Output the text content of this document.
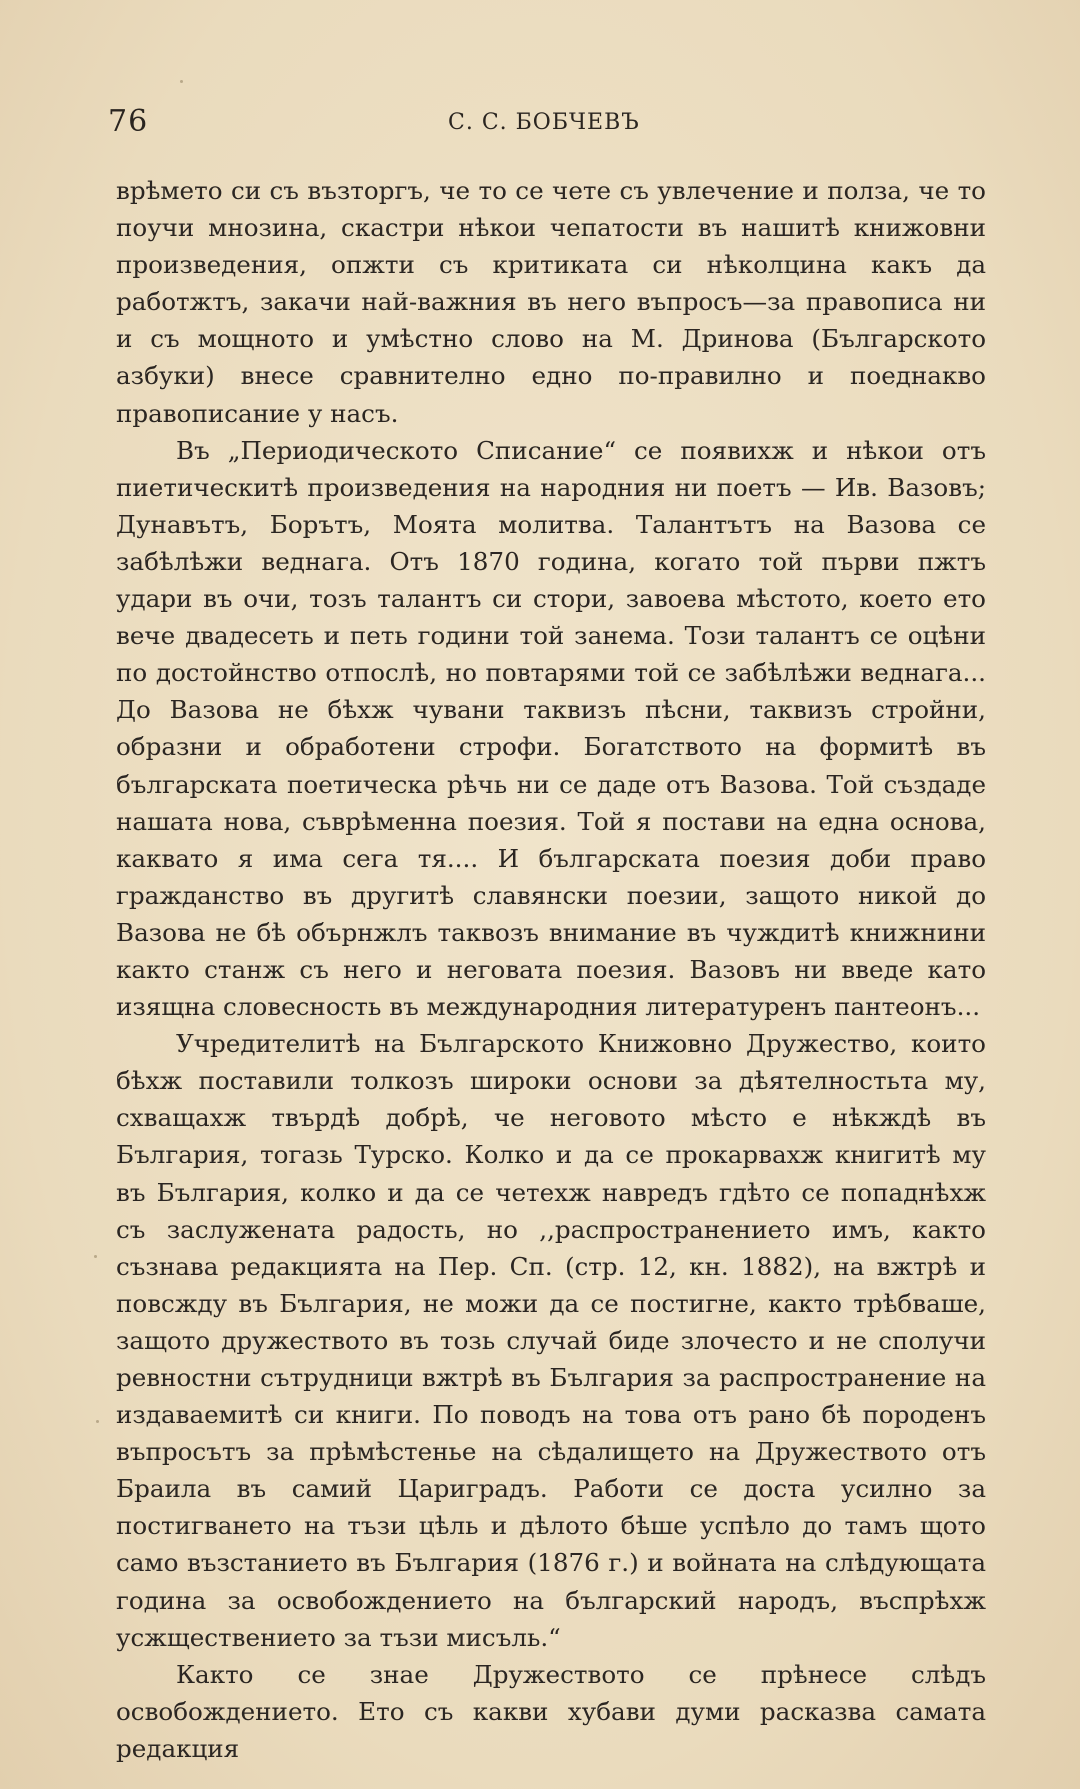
76	С. С. БОБЧЕВЪ

врѣмето си съ възторгъ, че то се чете съ увлечение и полза, че то поучи мнозина, скастри нѣкои чепатости въ нашитѣ книжовни произведения, опжти съ критиката си нѣколцина какъ да работжтъ, закачи най-важния въ него въпросъ—за правописа ни и съ мощното и умѣстно слово на М. Дринова (Българското азбуки) внесе сравнително едно по-правилно и поеднакво правописание у насъ.

Въ „Периодическото Списание“ се появихж и нѣкои отъ пиетическитѣ произведения на народния ни поетъ — Ив. Вазовъ; Дунавътъ, Борътъ, Моята молитва. Талантътъ на Вазова се забѣлѣжи веднага. Отъ 1870 година, когато той първи пжтъ удари въ очи, тозъ талантъ си стори, завоева мѣстото, което ето вече двадесеть и петь години той занема. Този талантъ се оцѣни по достойнство отпослѣ, но повтарями той се забѣлѣжи веднага... До Вазова не бѣхж чувани таквизъ пѣсни, таквизъ стройни, образни и обработени строфи. Богатството на формитѣ въ българската поетическа рѣчь ни се даде отъ Вазова. Той създаде нашата нова, съврѣменна поезия. Той я постави на една основа, каквато я има сега тя.... И българската поезия доби право гражданство въ другитѣ славянски поезии, защото никой до Вазова не бѣ обърнжлъ таквозъ внимание въ чуждитѣ книжнини както станж съ него и неговата поезия. Вазовъ ни введе като изящна словесность въ международния литературенъ пантеонъ...

Учредителитѣ на Българското Книжовно Дружество, които бѣхж поставили толкозъ широки основи за дѣятелностьта му, схващахж твърдѣ добрѣ, че неговото мѣсто е нѣкждѣ въ България, тогазь Турско. Колко и да се прокарвахж книгитѣ му въ България, колко и да се четехж навредъ гдѣто се попаднѣхж съ заслужената радость, но ,,распространението имъ, както съзнава редакцията на Пер. Сп. (стр. 12, кн. 1882), на вжтрѣ и повсжду въ България, не можи да се постигне, както трѣбваше, защото дружеството въ тозь случай биде злочесто и не сполучи ревностни сътрудници вжтрѣ въ България за распространение на издаваемитѣ си книги. По поводъ на това отъ рано бѣ породенъ въпросътъ за прѣмѣстенье на сѣдалището на Дружеството отъ Браила въ самий Цариградъ. Работи се доста усилно за постигването на тъзи цѣль и дѣлото бѣше успѣло до тамъ щото само възстанието въ България (1876 г.) и войната на слѣдующата година за освобождението на българский народъ, въспрѣхж усжществението за тъзи мисъль.“

Както се знае Дружеството се прѣнесе слѣдъ освобождението. Ето съ какви хубави думи расказва самата редакция
